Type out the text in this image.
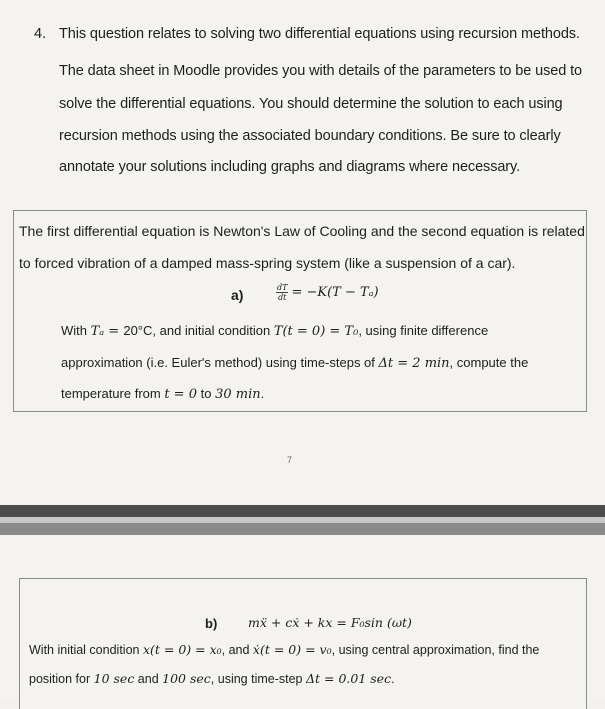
4. This question relates to solving two differential equations using recursion methods.
The data sheet in Moodle provides you with details of the parameters to be used to
solve the differential equations. You should determine the solution to each using
recursion methods using the associated boundary conditions. Be sure to clearly
annotate your solutions including graphs and diagrams where necessary.
The first differential equation is Newton's Law of Cooling and the second equation is related
to forced vibration of a damped mass-spring system (like a suspension of a car).
a)	$\frac{dT}{dt} = -K(T - T_a)$
With Tₐ = 20°C, and initial condition T(t = 0) = T₀, using finite difference
approximation (i.e. Euler's method) using time-steps of Δt = 2 min, compute the
temperature from t = 0 to 30 min.
7
b) mẍ + cẋ + kx = F₀sin (ωt)
With initial condition x(t = 0) = x₀, and ẋ(t = 0) = v₀, using central approximation, find the
position for 10 sec and 100 sec, using time-step Δt = 0.01 sec.
